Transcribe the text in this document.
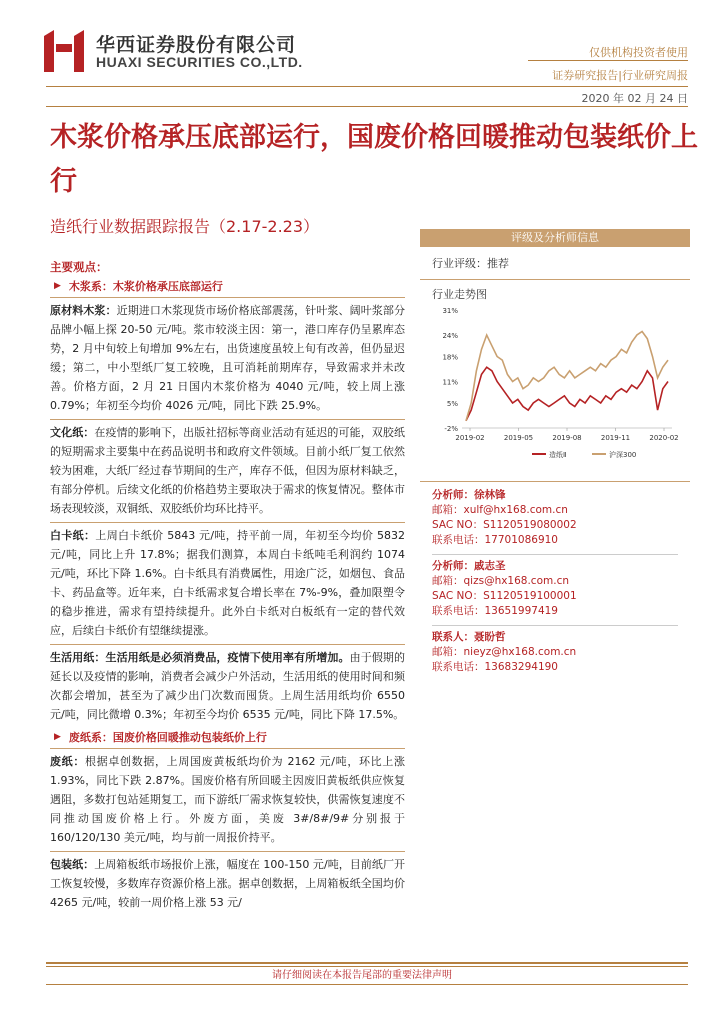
华西证券股份有限公司
HUAXI SECURITIES CO.,LTD.
仅供机构投资者使用
证券研究报告|行业研究周报
2020 年 02 月 24 日
木浆价格承压底部运行，国废价格回暖推动包装纸价上行
造纸行业数据跟踪报告（2.17-2.23）
主要观点：
▶ 木浆系：木浆价格承压底部运行

原材料木浆：近期进口木浆现货市场价格底部震荡，针叶浆、阔叶浆部分品牌小幅上探 20-50 元/吨。浆市较淡主因：第一，港口库存仍呈累库态势，2 月中旬较上旬增加 9%左右，出货速度虽较上旬有改善，但仍显迟缓；第二，中小型纸厂复工较晚，且可消耗前期库存，导致需求并未改善。价格方面，2 月 21 日国内木浆价格为 4040 元/吨，较上周上涨 0.79%；年初至今均价 4026 元/吨，同比下跌 25.9%。

文化纸：在疫情的影响下，出版社招标等商业活动有延迟的可能，双胶纸的短期需求主要集中在药品说明书和政府文件领域。目前小纸厂复工依然较为困难，大纸厂经过春节期间的生产，库存不低，但因为原材料缺乏，有部分停机。后续文化纸的价格趋势主要取决于需求的恢复情况。整体市场表现较淡，双铜纸、双胶纸价均环比持平。

白卡纸：上周白卡纸价 5843 元/吨，持平前一周，年初至今均价 5832 元/吨，同比上升 17.8%；据我们测算，本周白卡纸吨毛利润约 1074 元/吨，环比下降 1.6%。白卡纸具有消费属性，用途广泛，如烟包、食品卡、药品盒等。近年来，白卡纸需求复合增长率在 7%-9%，叠加限塑令的稳步推进，需求有望持续提升。此外白卡纸对白板纸有一定的替代效应，后续白卡纸价有望继续提涨。

生活用纸：生活用纸是必须消费品，疫情下使用率有所增加。由于假期的延长以及疫情的影响，消费者会减少户外活动，生活用纸的使用时间和频次都会增加，甚至为了减少出门次数而囤货。上周生活用纸均价 6550 元/吨，同比微增 0.3%；年初至今均价 6535 元/吨，同比下降 17.5%。

▶ 废纸系：国废价格回暖推动包装纸价上行

废纸：根据卓创数据，上周国废黄板纸均价为 2162 元/吨，环比上涨 1.93%，同比下跌 2.87%。国废价格有所回暖主因废旧黄板纸供应恢复遇阻，多数打包站延期复工，而下游纸厂需求恢复较快，供需恢复速度不同推动国废价格上行。外废方面，美废 3#/8#/9#分别报于 160/120/130 美元/吨，均与前一周报价持平。

包装纸：上周箱板纸市场报价上涨，幅度在 100-150 元/吨，目前纸厂开工恢复较慢，多数库存资源价格上涨。据卓创数据，上周箱板纸全国均价 4265 元/吨，较前一周价格上涨 53 元/

评级及分析师信息
行业评级：推荐
行业走势图
31%
24%
18%
11%
5%
-2%
2019-02	2019-05	2019-08	2019-11	2020-02
造纸Ⅱ	沪深300
分析师：徐林锋
邮箱：xulf@hx168.com.cn
SAC NO：S1120519080002
联系电话：17701086910
分析师：戚志圣
邮箱：qizs@hx168.com.cn
SAC NO：S1120519100001
联系电话：13651997419
联系人：聂盼哲
邮箱：nieyz@hx168.com.cn
联系电话：13683294190
请仔细阅读在本报告尾部的重要法律声明
